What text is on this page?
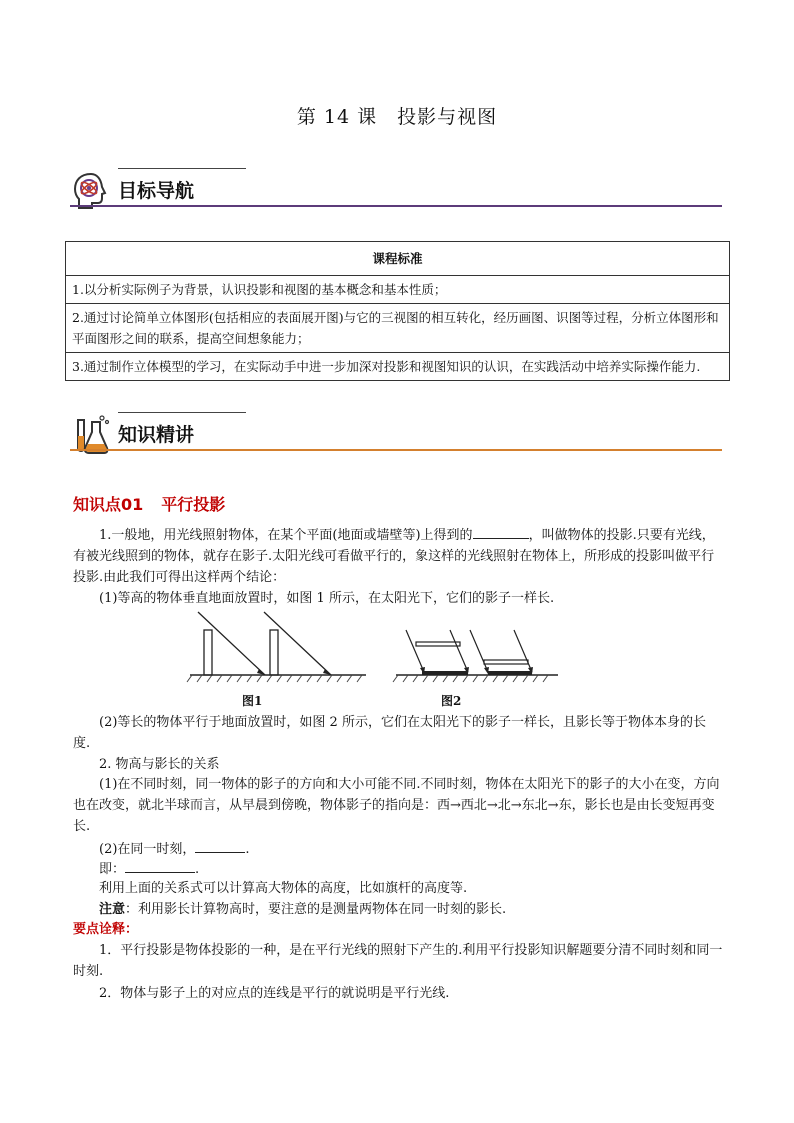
第 14 课　投影与视图
目标导航
课程标准
1.以分析实际例子为背景，认识投影和视图的基本概念和基本性质；
2.通过讨论简单立体图形(包括相应的表面展开图)与它的三视图的相互转化，经历画图、识图等过程，分析立体图形和平面图形之间的联系，提高空间想象能力；
3.通过制作立体模型的学习，在实际动手中进一步加深对投影和视图知识的认识，在实践活动中培养实际操作能力.
知识精讲
知识点01 平行投影
1.一般地，用光线照射物体，在某个平面(地面或墙壁等)上得到的	，叫做物体的投影.只要有光线，有被光线照到的物体，就存在影子.太阳光线可看做平行的，象这样的光线照射在物体上，所形成的投影叫做平行投影.由此我们可得出这样两个结论：
(1)等高的物体垂直地面放置时，如图 1 所示，在太阳光下，它们的影子一样长.
图1	图2
(2)等长的物体平行于地面放置时，如图 2 所示，它们在太阳光下的影子一样长，且影长等于物体本身的长度.
2. 物高与影长的关系
(1)在不同时刻，同一物体的影子的方向和大小可能不同.不同时刻，物体在太阳光下的影子的大小在变，方向也在改变，就北半球而言，从早晨到傍晚，物体影子的指向是：西→西北→北→东北→东，影长也是由长变短再变长.
(2)在同一时刻，	.
即：	.
利用上面的关系式可以计算高大物体的高度，比如旗杆的高度等.
注意：利用影长计算物高时，要注意的是测量两物体在同一时刻的影长.
要点诠释：
1．平行投影是物体投影的一种，是在平行光线的照射下产生的.利用平行投影知识解题要分清不同时刻和同一时刻.
2．物体与影子上的对应点的连线是平行的就说明是平行光线.
